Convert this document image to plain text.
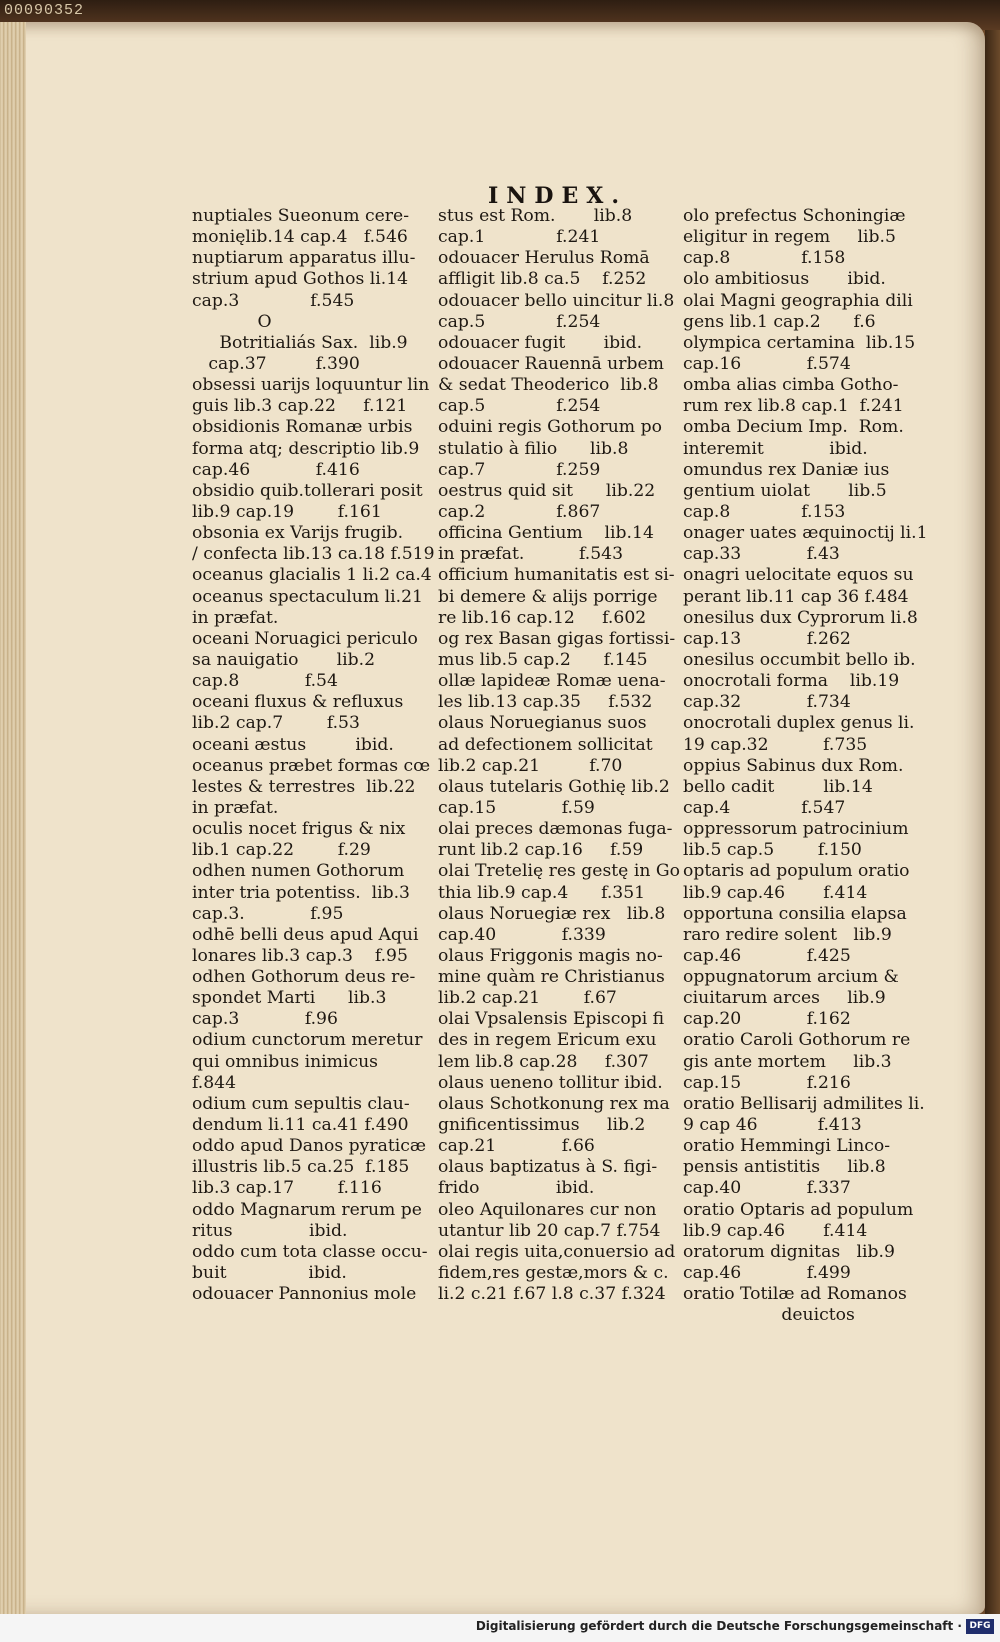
00090352
INDEX.
nuptiales Sueonum cere-
monięlib.14 cap.4   f.546
nuptiarum apparatus illu-
strium apud Gothos li.14
cap.3             f.545
O
Botritialiás Sax.  lib.9
cap.37         f.390
obsessi uarijs loquuntur lin
guis lib.3 cap.22     f.121
obsidionis Romanæ urbis
forma atq; descriptio lib.9
cap.46            f.416
obsidio quib.tollerari posit
lib.9 cap.19        f.161
obsonia ex Varijs frugib.
/ confecta lib.13 ca.18 f.519
oceanus glacialis 1 li.2 ca.4
oceanus spectaculum li.21
in præfat.
oceani Noruagici periculo
sa nauigatio       lib.2
cap.8            f.54
oceani fluxus & refluxus
lib.2 cap.7        f.53
oceani æstus         ibid.
oceanus præbet formas cœ
lestes & terrestres  lib.22
in præfat.
oculis nocet frigus & nix
lib.1 cap.22        f.29
odhen numen Gothorum
inter tria potentiss.  lib.3
cap.3.            f.95
odhē belli deus apud Aqui
lonares lib.3 cap.3    f.95
odhen Gothorum deus re-
spondet Marti      lib.3
cap.3            f.96
odium cunctorum meretur
qui omnibus inimicus
f.844
odium cum sepultis clau-
dendum li.11 ca.41 f.490
oddo apud Danos pyraticæ
illustris lib.5 ca.25  f.185
lib.3 cap.17        f.116
oddo Magnarum rerum pe
ritus              ibid.
oddo cum tota classe occu-
buit               ibid.
odouacer Pannonius mole
stus est Rom.       lib.8
cap.1             f.241
odouacer Herulus Romā
affligit lib.8 ca.5    f.252
odouacer bello uincitur li.8
cap.5             f.254
odouacer fugit       ibid.
odouacer Rauennā urbem
& sedat Theoderico  lib.8
cap.5             f.254
oduini regis Gothorum po
stulatio à filio      lib.8
cap.7             f.259
oestrus quid sit      lib.22
cap.2             f.867
officina Gentium    lib.14
in præfat.          f.543
officium humanitatis est si-
bi demere & alijs porrige
re lib.16 cap.12     f.602
og rex Basan gigas fortissi-
mus lib.5 cap.2      f.145
ollæ lapideæ Romæ uena-
les lib.13 cap.35     f.532
olaus Noruegianus suos
ad defectionem sollicitat
lib.2 cap.21         f.70
olaus tutelaris Gothię lib.2
cap.15            f.59
olai preces dæmonas fuga-
runt lib.2 cap.16     f.59
olai Tretelię res gestę in Go
thia lib.9 cap.4      f.351
olaus Noruegiæ rex   lib.8
cap.40            f.339
olaus Friggonis magis no-
mine quàm re Christianus
lib.2 cap.21        f.67
olai Vpsalensis Episcopi fi
des in regem Ericum exu
lem lib.8 cap.28     f.307
olaus ueneno tollitur ibid.
olaus Schotkonung rex ma
gnificentissimus     lib.2
cap.21            f.66
olaus baptizatus à S. figi-
frido              ibid.
oleo Aquilonares cur non
utantur lib 20 cap.7 f.754
olai regis uita,conuersio ad
fidem,res gestæ,mors & c.
li.2 c.21 f.67 l.8 c.37 f.324
olo prefectus Schoningiæ
eligitur in regem     lib.5
cap.8             f.158
olo ambitiosus       ibid.
olai Magni geographia dili
gens lib.1 cap.2      f.6
olympica certamina  lib.15
cap.16            f.574
omba alias cimba Gotho-
rum rex lib.8 cap.1  f.241
omba Decium Imp.  Rom.
interemit            ibid.
omundus rex Daniæ ius
gentium uiolat       lib.5
cap.8             f.153
onager uates æquinoctij li.1
cap.33            f.43
onagri uelocitate equos su
perant lib.11 cap 36 f.484
onesilus dux Cyprorum li.8
cap.13            f.262
onesilus occumbit bello ib.
onocrotali forma    lib.19
cap.32            f.734
onocrotali duplex genus li.
19 cap.32          f.735
oppius Sabinus dux Rom.
bello cadit         lib.14
cap.4             f.547
oppressorum patrocinium
lib.5 cap.5        f.150
optaris ad populum oratio
lib.9 cap.46       f.414
opportuna consilia elapsa
raro redire solent   lib.9
cap.46            f.425
oppugnatorum arcium &
ciuitarum arces     lib.9
cap.20            f.162
oratio Caroli Gothorum re
gis ante mortem     lib.3
cap.15            f.216
oratio Bellisarij admilites li.
9 cap 46           f.413
oratio Hemmingi Linco-
pensis antistitis     lib.8
cap.40            f.337
oratio Optaris ad populum
lib.9 cap.46       f.414
oratorum dignitas   lib.9
cap.46            f.499
oratio Totilæ ad Romanos
deuictos
Digitalisierung gefördert durch die Deutsche Forschungsgemeinschaft · DFG
